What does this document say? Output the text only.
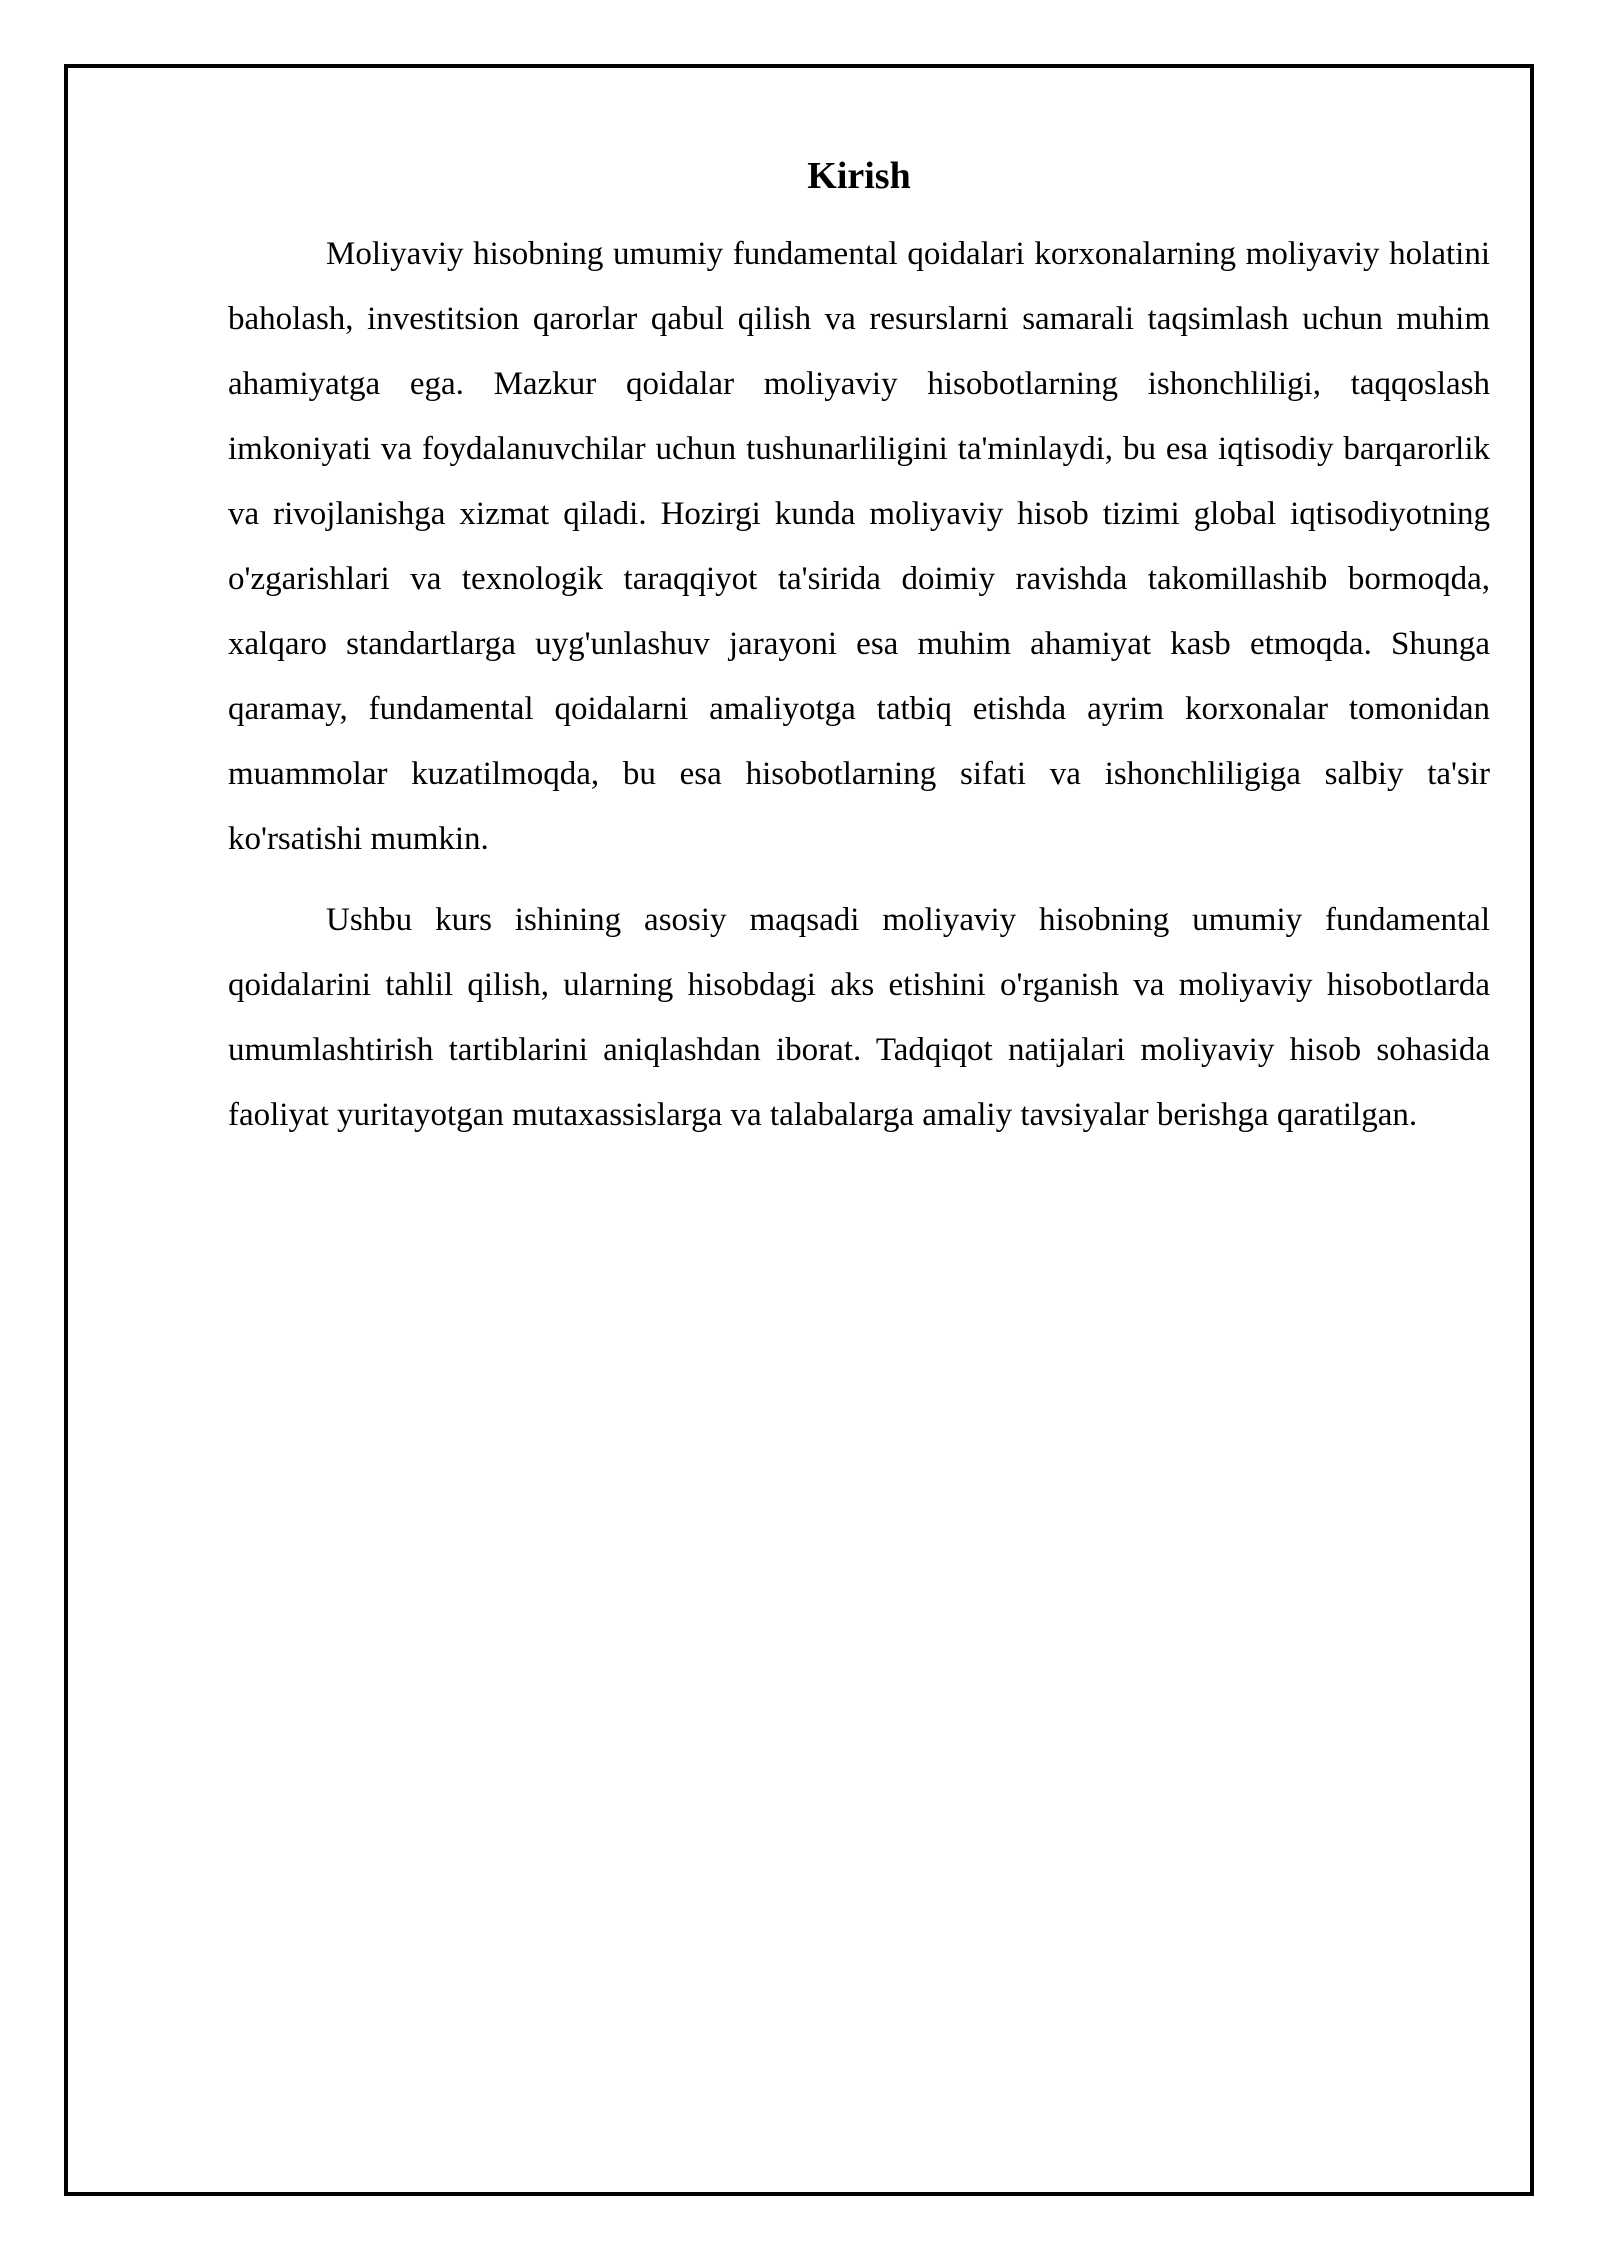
Kirish

Moliyaviy hisobning umumiy fundamental qoidalari korxonalarning moliyaviy holatini baholash, investitsion qarorlar qabul qilish va resurslarni samarali taqsimlash uchun muhim ahamiyatga ega. Mazkur qoidalar moliyaviy hisobotlarning ishonchliligi, taqqoslash imkoniyati va foydalanuvchilar uchun tushunarliligini ta'minlaydi, bu esa iqtisodiy barqarorlik va rivojlanishga xizmat qiladi. Hozirgi kunda moliyaviy hisob tizimi global iqtisodiyotning o'zgarishlari va texnologik taraqqiyot ta'sirida doimiy ravishda takomillashib bormoqda, xalqaro standartlarga uyg'unlashuv jarayoni esa muhim ahamiyat kasb etmoqda. Shunga qaramay, fundamental qoidalarni amaliyotga tatbiq etishda ayrim korxonalar tomonidan muammolar kuzatilmoqda, bu esa hisobotlarning sifati va ishonchliligiga salbiy ta'sir ko'rsatishi mumkin.

Ushbu kurs ishining asosiy maqsadi moliyaviy hisobning umumiy fundamental qoidalarini tahlil qilish, ularning hisobdagi aks etishini o'rganish va moliyaviy hisobotlarda umumlashtirish tartiblarini aniqlashdan iborat. Tadqiqot natijalari moliyaviy hisob sohasida faoliyat yuritayotgan mutaxassislarga va talabalarga amaliy tavsiyalar berishga qaratilgan.
